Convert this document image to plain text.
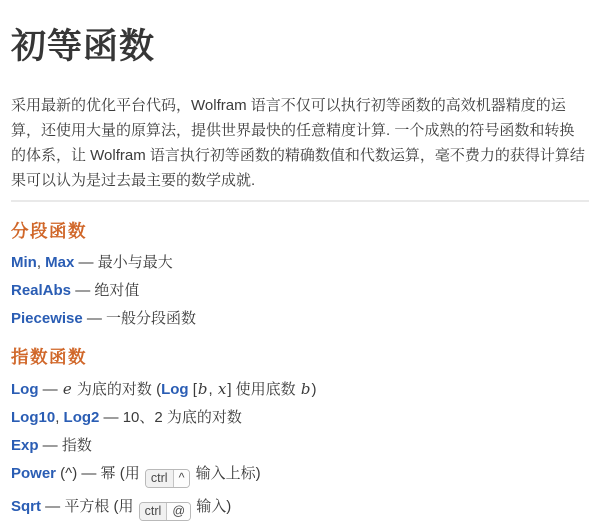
初等函数

采用最新的优化平台代码，Wolfram 语言不仅可以执行初等函数的高效机器精度的运算，还使用大量的原算法，提供世界最快的任意精度计算. 一个成熟的符号函数和转换的体系，让 Wolfram 语言执行初等函数的精确数值和代数运算，毫不费力的获得计算结果可以认为是过去最主要的数学成就.

分段函数
Min, Max — 最小与最大
RealAbs — 绝对值
Piecewise — 一般分段函数
指数函数
Log — e 为底的对数 (Log [b, x] 使用底数 b)
Log10, Log2 — 10、2 为底的对数
Exp — 指数
Power (^) — 幂 (用 ctrl ^ 输入上标)
Sqrt — 平方根 (用 ctrl @ 输入)
